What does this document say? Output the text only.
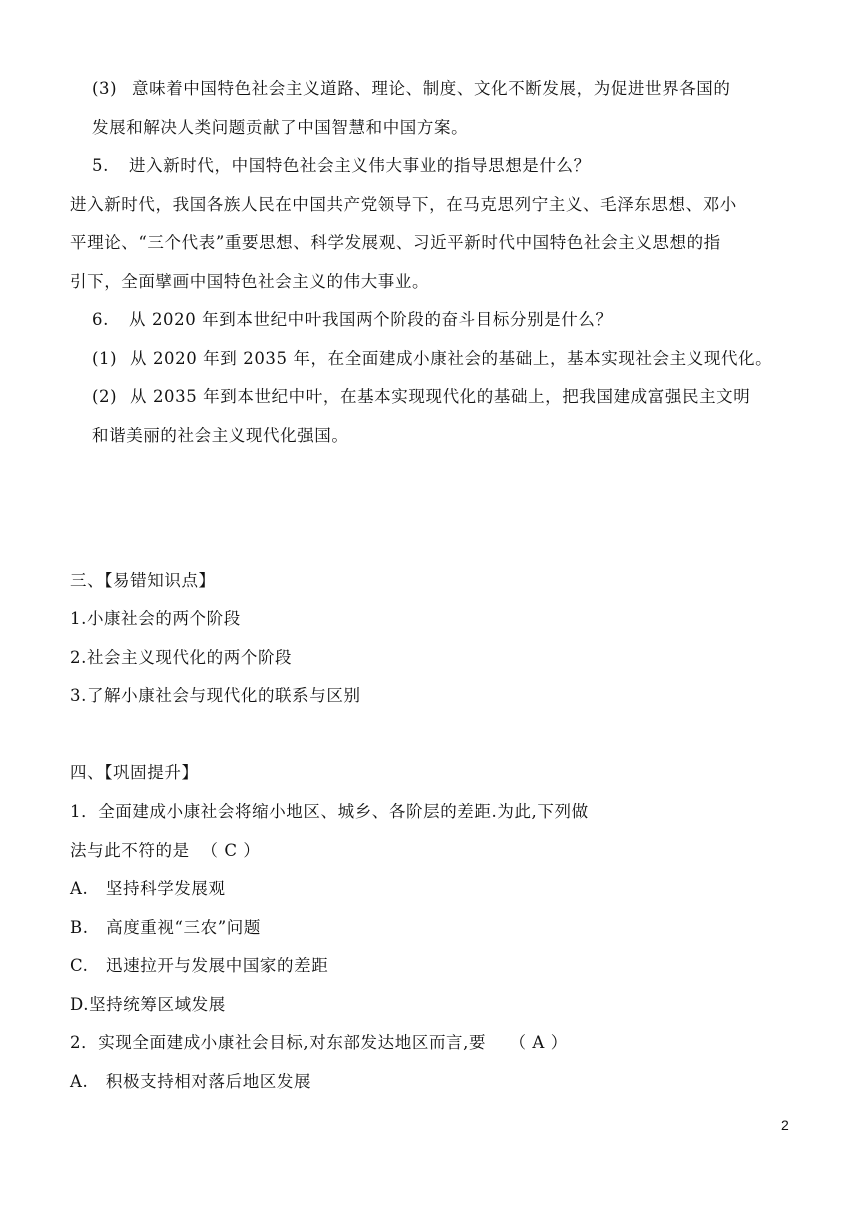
(3) 意味着中国特色社会主义道路、理论、制度、文化不断发展，为促进世界各国的
发展和解决人类问题贡献了中国智慧和中国方案。
5. 进入新时代，中国特色社会主义伟大事业的指导思想是什么？
进入新时代，我国各族人民在中国共产党领导下，在马克思列宁主义、毛泽东思想、邓小
平理论、“三个代表”重要思想、科学发展观、习近平新时代中国特色社会主义思想的指
引下，全面擘画中国特色社会主义的伟大事业。
6. 从 2020 年到本世纪中叶我国两个阶段的奋斗目标分别是什么？
(1) 从 2020 年到 2035 年，在全面建成小康社会的基础上，基本实现社会主义现代化。
(2) 从 2035 年到本世纪中叶，在基本实现现代化的基础上，把我国建成富强民主文明
和谐美丽的社会主义现代化强国。
三、【易错知识点】
1.小康社会的两个阶段
2.社会主义现代化的两个阶段
3.了解小康社会与现代化的联系与区别
四、【巩固提升】
1．全面建成小康社会将缩小地区、城乡、各阶层的差距.为此,下列做
法与此不符的是  （ C ）
A.   坚持科学发展观
B.   高度重视“三农”问题
C.   迅速拉开与发展中国家的差距
D.坚持统筹区域发展
2．实现全面建成小康社会目标,对东部发达地区而言,要    （ A ）
A.   积极支持相对落后地区发展
2
